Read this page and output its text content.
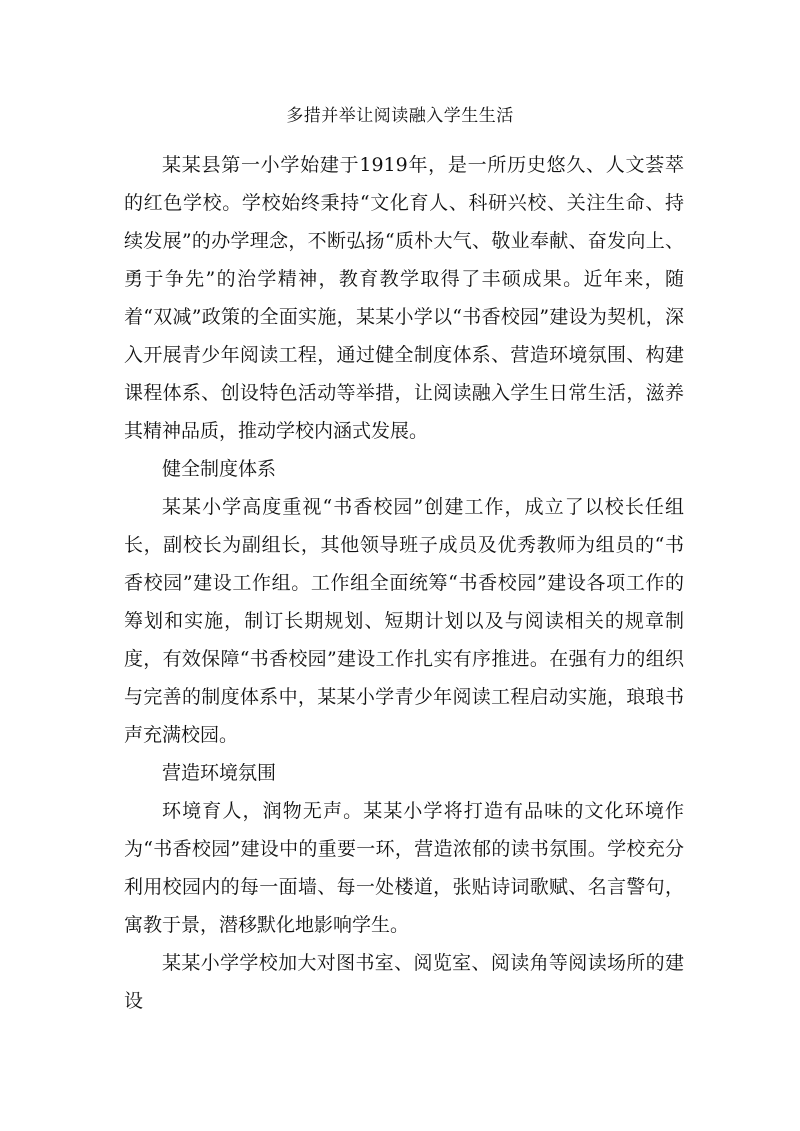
多措并举让阅读融入学生生活

某某县第一小学始建于1919年，是一所历史悠久、人文荟萃的红色学校。学校始终秉持“文化育人、科研兴校、关注生命、持续发展”的办学理念，不断弘扬“质朴大气、敬业奉献、奋发向上、勇于争先”的治学精神，教育教学取得了丰硕成果。近年来，随着“双减”政策的全面实施，某某小学以“书香校园”建设为契机，深入开展青少年阅读工程，通过健全制度体系、营造环境氛围、构建课程体系、创设特色活动等举措，让阅读融入学生日常生活，滋养其精神品质，推动学校内涵式发展。

健全制度体系

某某小学高度重视“书香校园”创建工作，成立了以校长任组长，副校长为副组长，其他领导班子成员及优秀教师为组员的“书香校园”建设工作组。工作组全面统筹“书香校园”建设各项工作的筹划和实施，制订长期规划、短期计划以及与阅读相关的规章制度，有效保障“书香校园”建设工作扎实有序推进。在强有力的组织与完善的制度体系中，某某小学青少年阅读工程启动实施，琅琅书声充满校园。

营造环境氛围

环境育人，润物无声。某某小学将打造有品味的文化环境作为“书香校园”建设中的重要一环，营造浓郁的读书氛围。学校充分利用校园内的每一面墙、每一处楼道，张贴诗词歌赋、名言警句，寓教于景，潜移默化地影响学生。

某某小学学校加大对图书室、阅览室、阅读角等阅读场所的建设
